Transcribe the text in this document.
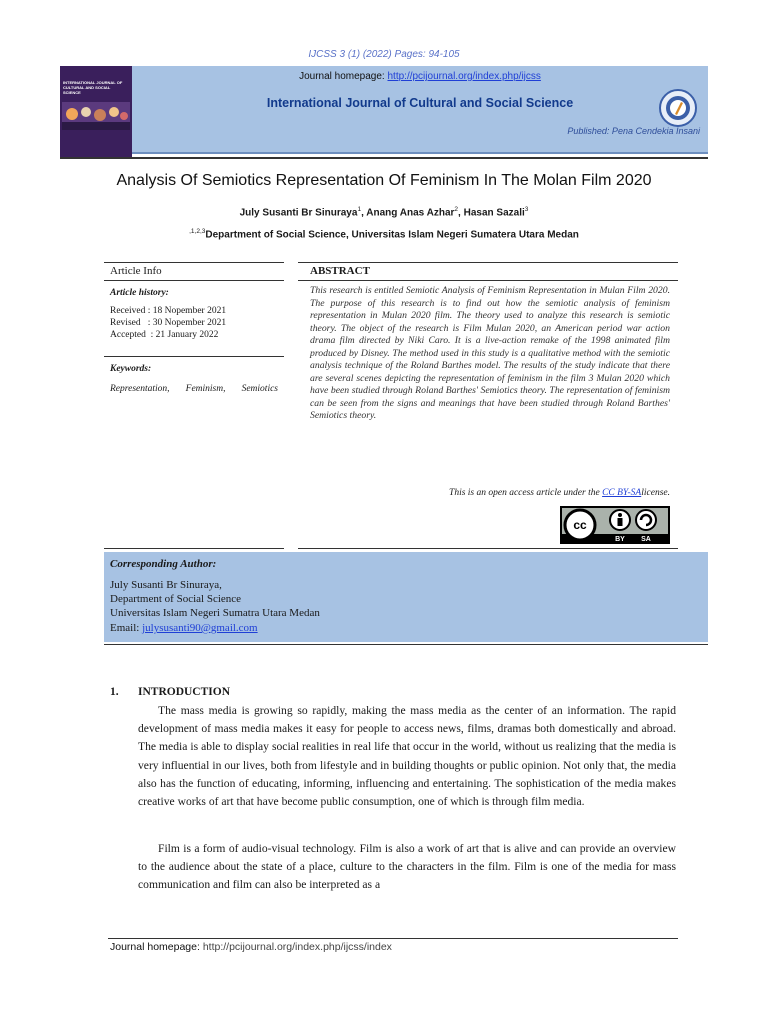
IJCSS 3 (1) (2022) Pages: 94-105
INTERNATIONAL JOURNAL OF CULTURAL AND SOCIAL SCIENCE
Journal homepage: http://pcijournal.org/index.php/ijcss
International Journal of Cultural and Social Science
Published: Pena Cendekia Insani
Analysis Of Semiotics Representation Of Feminism In The Molan Film 2020
July Susanti Br Sinuraya$^1$, Anang Anas Azhar$^2$, Hasan Sazali$^3$
$^{,1,2,3}$Department of Social Science, Universitas Islam Negeri Sumatera Utara Medan
Article Info	ABSTRACT
Article history:
Received : 18 Nopember 2021
Revised   : 30 Nopember 2021
Accepted  : 21 January 2022
Keywords:
Representation, Feminism, Semiotics
This research is entitled Semiotic Analysis of Feminism Representation in Mulan Film 2020. The purpose of this research is to find out how the semiotic analysis of feminism representation in Mulan 2020 film. The theory used to analyze this research is semiotic theory. The object of the research is Film Mulan 2020, an American period war action drama film directed by Niki Caro. It is a live-action remake of the 1998 animated film produced by Disney. The method used in this study is a qualitative method with the semiotic analysis technique of the Roland Barthes model. The results of the study indicate that there are several scenes depicting the representation of feminism in the film 3 Mulan 2020 which have been studied through Roland Barthes' Semiotics theory. The representation of feminism can be seen from the signs and meanings that have been studied through Roland Barthes' Semiotics theory.
This is an open access article under the CC BY-SAlicense.
cc
BY SA
Corresponding Author:
July Susanti Br Sinuraya,
Department of Social Science
Universitas Islam Negeri Sumatra Utara Medan
Email: julysusanti90@gmail.com
1. INTRODUCTION
The mass media is growing so rapidly, making the mass media as the center of an information. The rapid development of mass media makes it easy for people to access news, films, dramas both domestically and abroad. The media is able to display social realities in real life that occur in the world, without us realizing that the media is very influential in our lives, both from lifestyle and in building thoughts or public opinion. Not only that, the media also has the function of educating, informing, influencing and entertaining. The sophistication of the media makes creative works of art that have become public consumption, one of which is through film media.
Film is a form of audio-visual technology. Film is also a work of art that is alive and can provide an overview to the audience about the state of a place, culture to the characters in the film. Film is one of the media for mass communication and film can also be interpreted as a
Journal homepage: http://pcijournal.org/index.php/ijcss/index
